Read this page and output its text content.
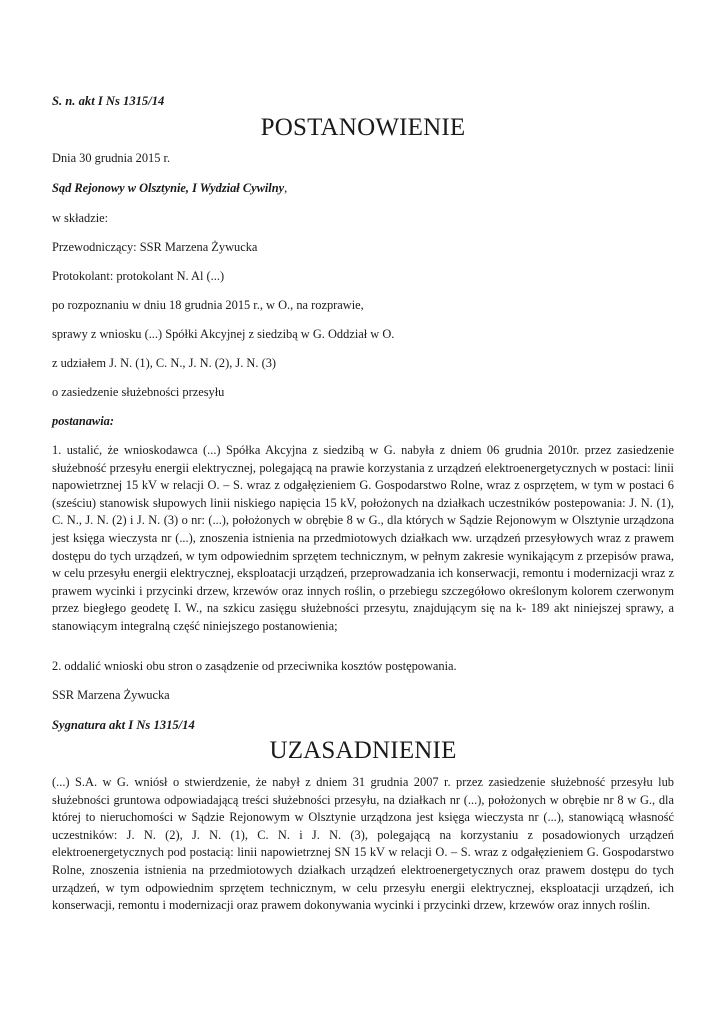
S. n. akt I Ns 1315/14

POSTANOWIENIE

Dnia 30 grudnia 2015 r.

Sąd Rejonowy w Olsztynie, I Wydział Cywilny,

w składzie:

Przewodniczący: SSR Marzena Żywucka

Protokolant: protokolant N. Al (...)

po rozpoznaniu w dniu 18 grudnia 2015 r., w O., na rozprawie,

sprawy z wniosku (...) Spółki Akcyjnej z siedzibą w G. Oddział w O.

z udziałem J. N. (1), C. N., J. N. (2), J. N. (3)

o zasiedzenie służebności przesyłu

postanawia:

1. ustalić, że wnioskodawca (...) Spółka Akcyjna z siedzibą w G. nabyła z dniem 06 grudnia 2010r. przez zasiedzenie służebność przesyłu energii elektrycznej, polegającą na prawie korzystania z urządzeń elektroenergetycznych w postaci: linii napowietrznej 15 kV w relacji O. – S. wraz z odgałęzieniem G. Gospodarstwo Rolne, wraz z osprzętem, w tym w postaci 6 (sześciu) stanowisk słupowych linii niskiego napięcia 15 kV, położonych na działkach uczestników postepowania: J. N. (1), C. N., J. N. (2) i J. N. (3) o nr: (...), położonych w obrębie 8 w G., dla których w Sądzie Rejonowym w Olsztynie urządzona jest księga wieczysta nr (...), znoszenia istnienia na przedmiotowych działkach ww. urządzeń przesyłowych wraz z prawem dostępu do tych urządzeń, w tym odpowiednim sprzętem technicznym, w pełnym zakresie wynikającym z przepisów prawa, w celu przesyłu energii elektrycznej, eksploatacji urządzeń, przeprowadzania ich konserwacji, remontu i modernizacji wraz z prawem wycinki i przycinki drzew, krzewów oraz innych roślin, o przebiegu szczegółowo określonym kolorem czerwonym przez biegłego geodetę I. W., na szkicu zasięgu służebności przesytu, znajdującym się na k- 189 akt niniejszej sprawy, a stanowiącym integralną część niniejszego postanowienia;

2. oddalić wnioski obu stron o zasądzenie od przeciwnika kosztów postępowania.

SSR Marzena Żywucka

Sygnatura akt I Ns 1315/14

UZASADNIENIE

(...) S.A. w G. wniósł o stwierdzenie, że nabył z dniem 31 grudnia 2007 r. przez zasiedzenie służebność przesyłu lub służebności gruntowa odpowiadającą treści służebności przesyłu, na działkach nr (...), położonych w obrębie nr 8 w G., dla której to nieruchomości w Sądzie Rejonowym w Olsztynie urządzona jest księga wieczysta nr (...), stanowiącą własność uczestników: J. N. (2), J. N. (1), C. N. i J. N. (3), polegającą na korzystaniu z posadowionych urządzeń elektroenergetycznych pod postacią: linii napowietrznej SN 15 kV w relacji O. – S. wraz z odgałęzieniem G. Gospodarstwo Rolne, znoszenia istnienia na przedmiotowych działkach urządzeń elektroenergetycznych oraz prawem dostępu do tych urządzeń, w tym odpowiednim sprzętem technicznym, w celu przesyłu energii elektrycznej, eksploatacji urządzeń, ich konserwacji, remontu i modernizacji oraz prawem dokonywania wycinki i przycinki drzew, krzewów oraz innych roślin.
